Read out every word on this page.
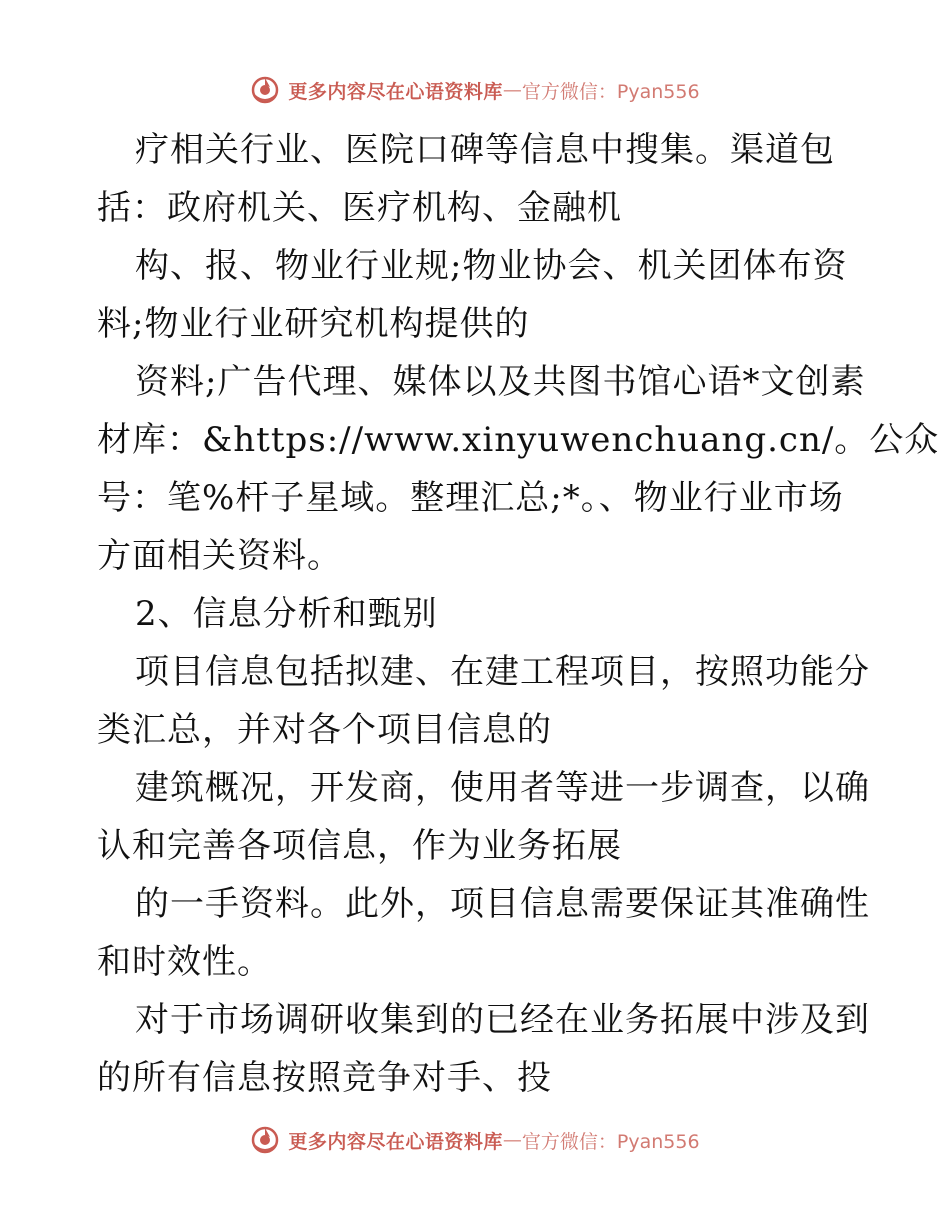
更多内容尽在心语资料库 — 官方微信：Pyan556
疗相关行业、医院口碑等信息中搜集。渠道包
括：政府机关、医疗机构、金融机
构、报、物业行业规;物业协会、机关团体布资
料;物业行业研究机构提供的
资料;广告代理、媒体以及共图书馆心语*文创素
材库：&https://www.xinyuwenchuang.cn/。公众
号：笔%杆子星域。整理汇总;*。、物业行业市场
方面相关资料。
2、信息分析和甄别
项目信息包括拟建、在建工程项目，按照功能分
类汇总，并对各个项目信息的
建筑概况，开发商，使用者等进一步调查，以确
认和完善各项信息，作为业务拓展
的一手资料。此外，项目信息需要保证其准确性
和时效性。
对于市场调研收集到的已经在业务拓展中涉及到
的所有信息按照竞争对手、投
更多内容尽在心语资料库 — 官方微信：Pyan556
